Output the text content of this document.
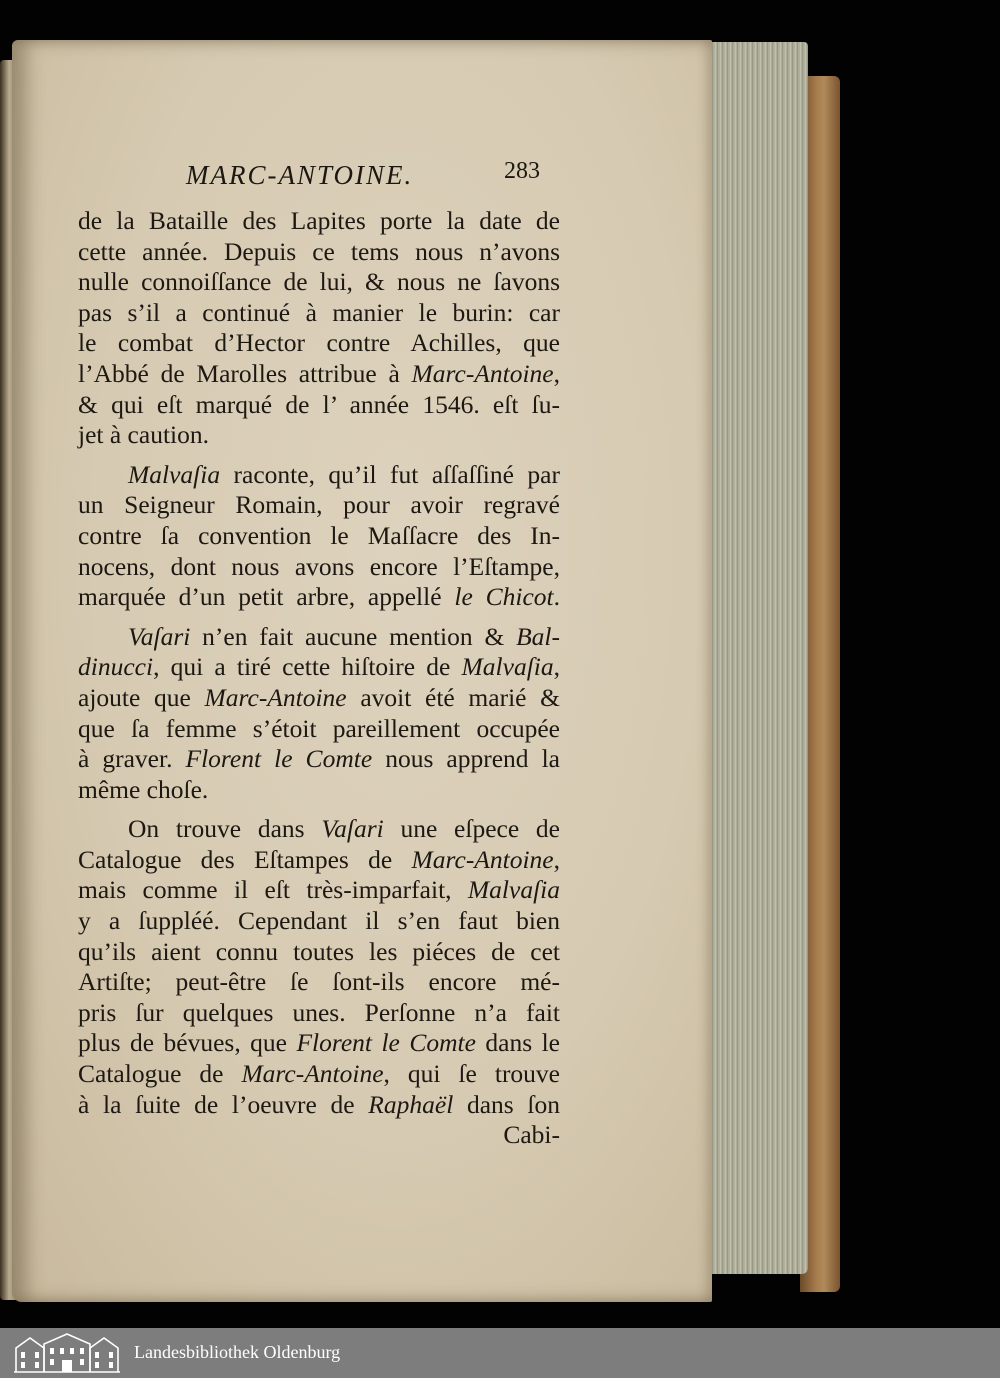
MARC-ANTOINE.	283
de la Bataille des Lapites porte la date de
cette année. Depuis ce tems nous n’avons
nulle connoiſſance de lui, & nous ne ſavons
pas s’il a continué à manier le burin: car
le combat d’Hector contre Achilles, que
l’Abbé de Marolles attribue à Marc-Antoine,
& qui eſt marqué de l’ année 1546. eſt ſu-
jet à caution.
Malvaſia raconte, qu’il fut aſſaſſiné par
un Seigneur Romain, pour avoir regravé
contre ſa convention le Maſſacre des In-
nocens, dont nous avons encore l’Eſtampe,
marquée d’un petit arbre, appellé le Chicot.
Vaſari n’en fait aucune mention & Bal-
dinucci, qui a tiré cette hiſtoire de Malvaſia,
ajoute que Marc-Antoine avoit été marié &
que ſa femme s’étoit pareillement occupée
à graver. Florent le Comte nous apprend la
même choſe.
On trouve dans Vaſari une eſpece de
Catalogue des Eſtampes de Marc-Antoine,
mais comme il eſt très-imparfait, Malvaſia
y a ſuppléé. Cependant il s’en faut bien
qu’ils aient connu toutes les piéces de cet
Artiſte; peut-être ſe ſont-ils encore mé-
pris ſur quelques unes. Perſonne n’a fait
plus de bévues, que Florent le Comte dans le
Catalogue de Marc-Antoine, qui ſe trouve
à la ſuite de l’oeuvre de Raphaël dans ſon
Cabi-
Landesbibliothek Oldenburg
